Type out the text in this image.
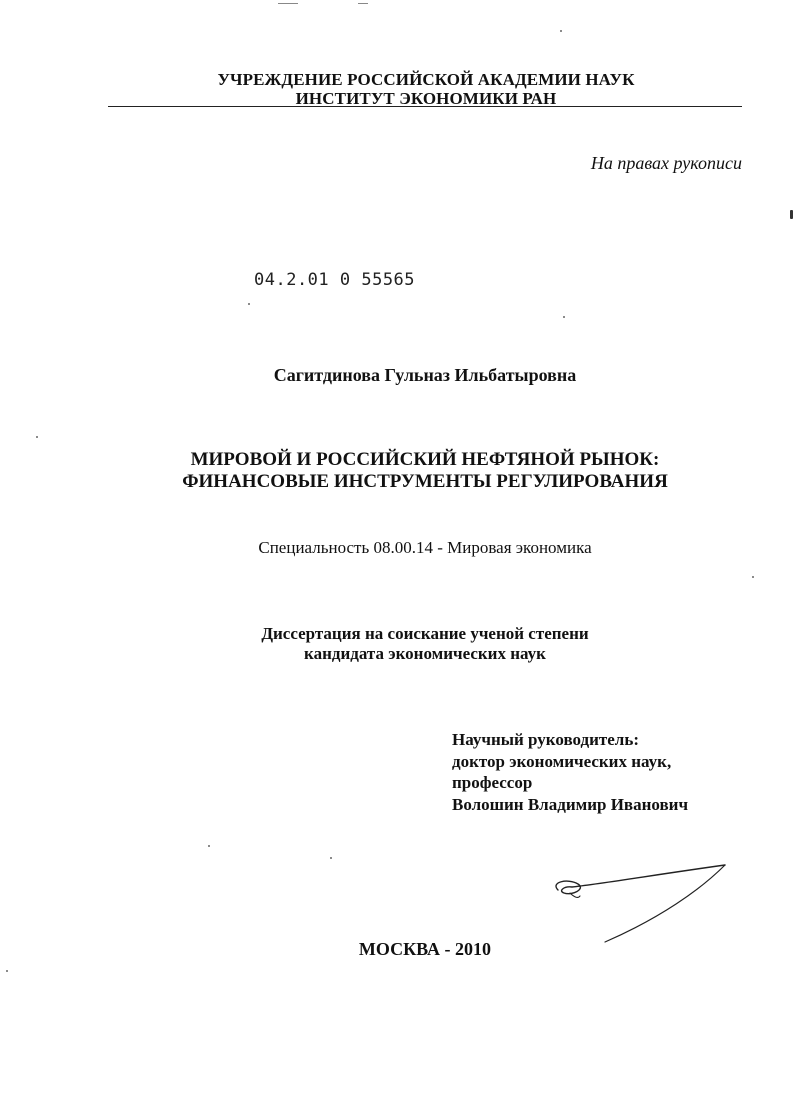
УЧРЕЖДЕНИЕ РОССИЙСКОЙ АКАДЕМИИ НАУК
ИНСТИТУТ ЭКОНОМИКИ РАН
На правах рукописи
04.2.01 0 55565
Сагитдинова Гульназ Ильбатыровна
МИРОВОЙ И РОССИЙСКИЙ НЕФТЯНОЙ РЫНОК:
ФИНАНСОВЫЕ ИНСТРУМЕНТЫ РЕГУЛИРОВАНИЯ
Специальность 08.00.14 - Мировая экономика
Диссертация на соискание ученой степени
кандидата экономических наук
Научный руководитель:
доктор экономических наук,
профессор
Волошин Владимир Иванович
МОСКВА - 2010
